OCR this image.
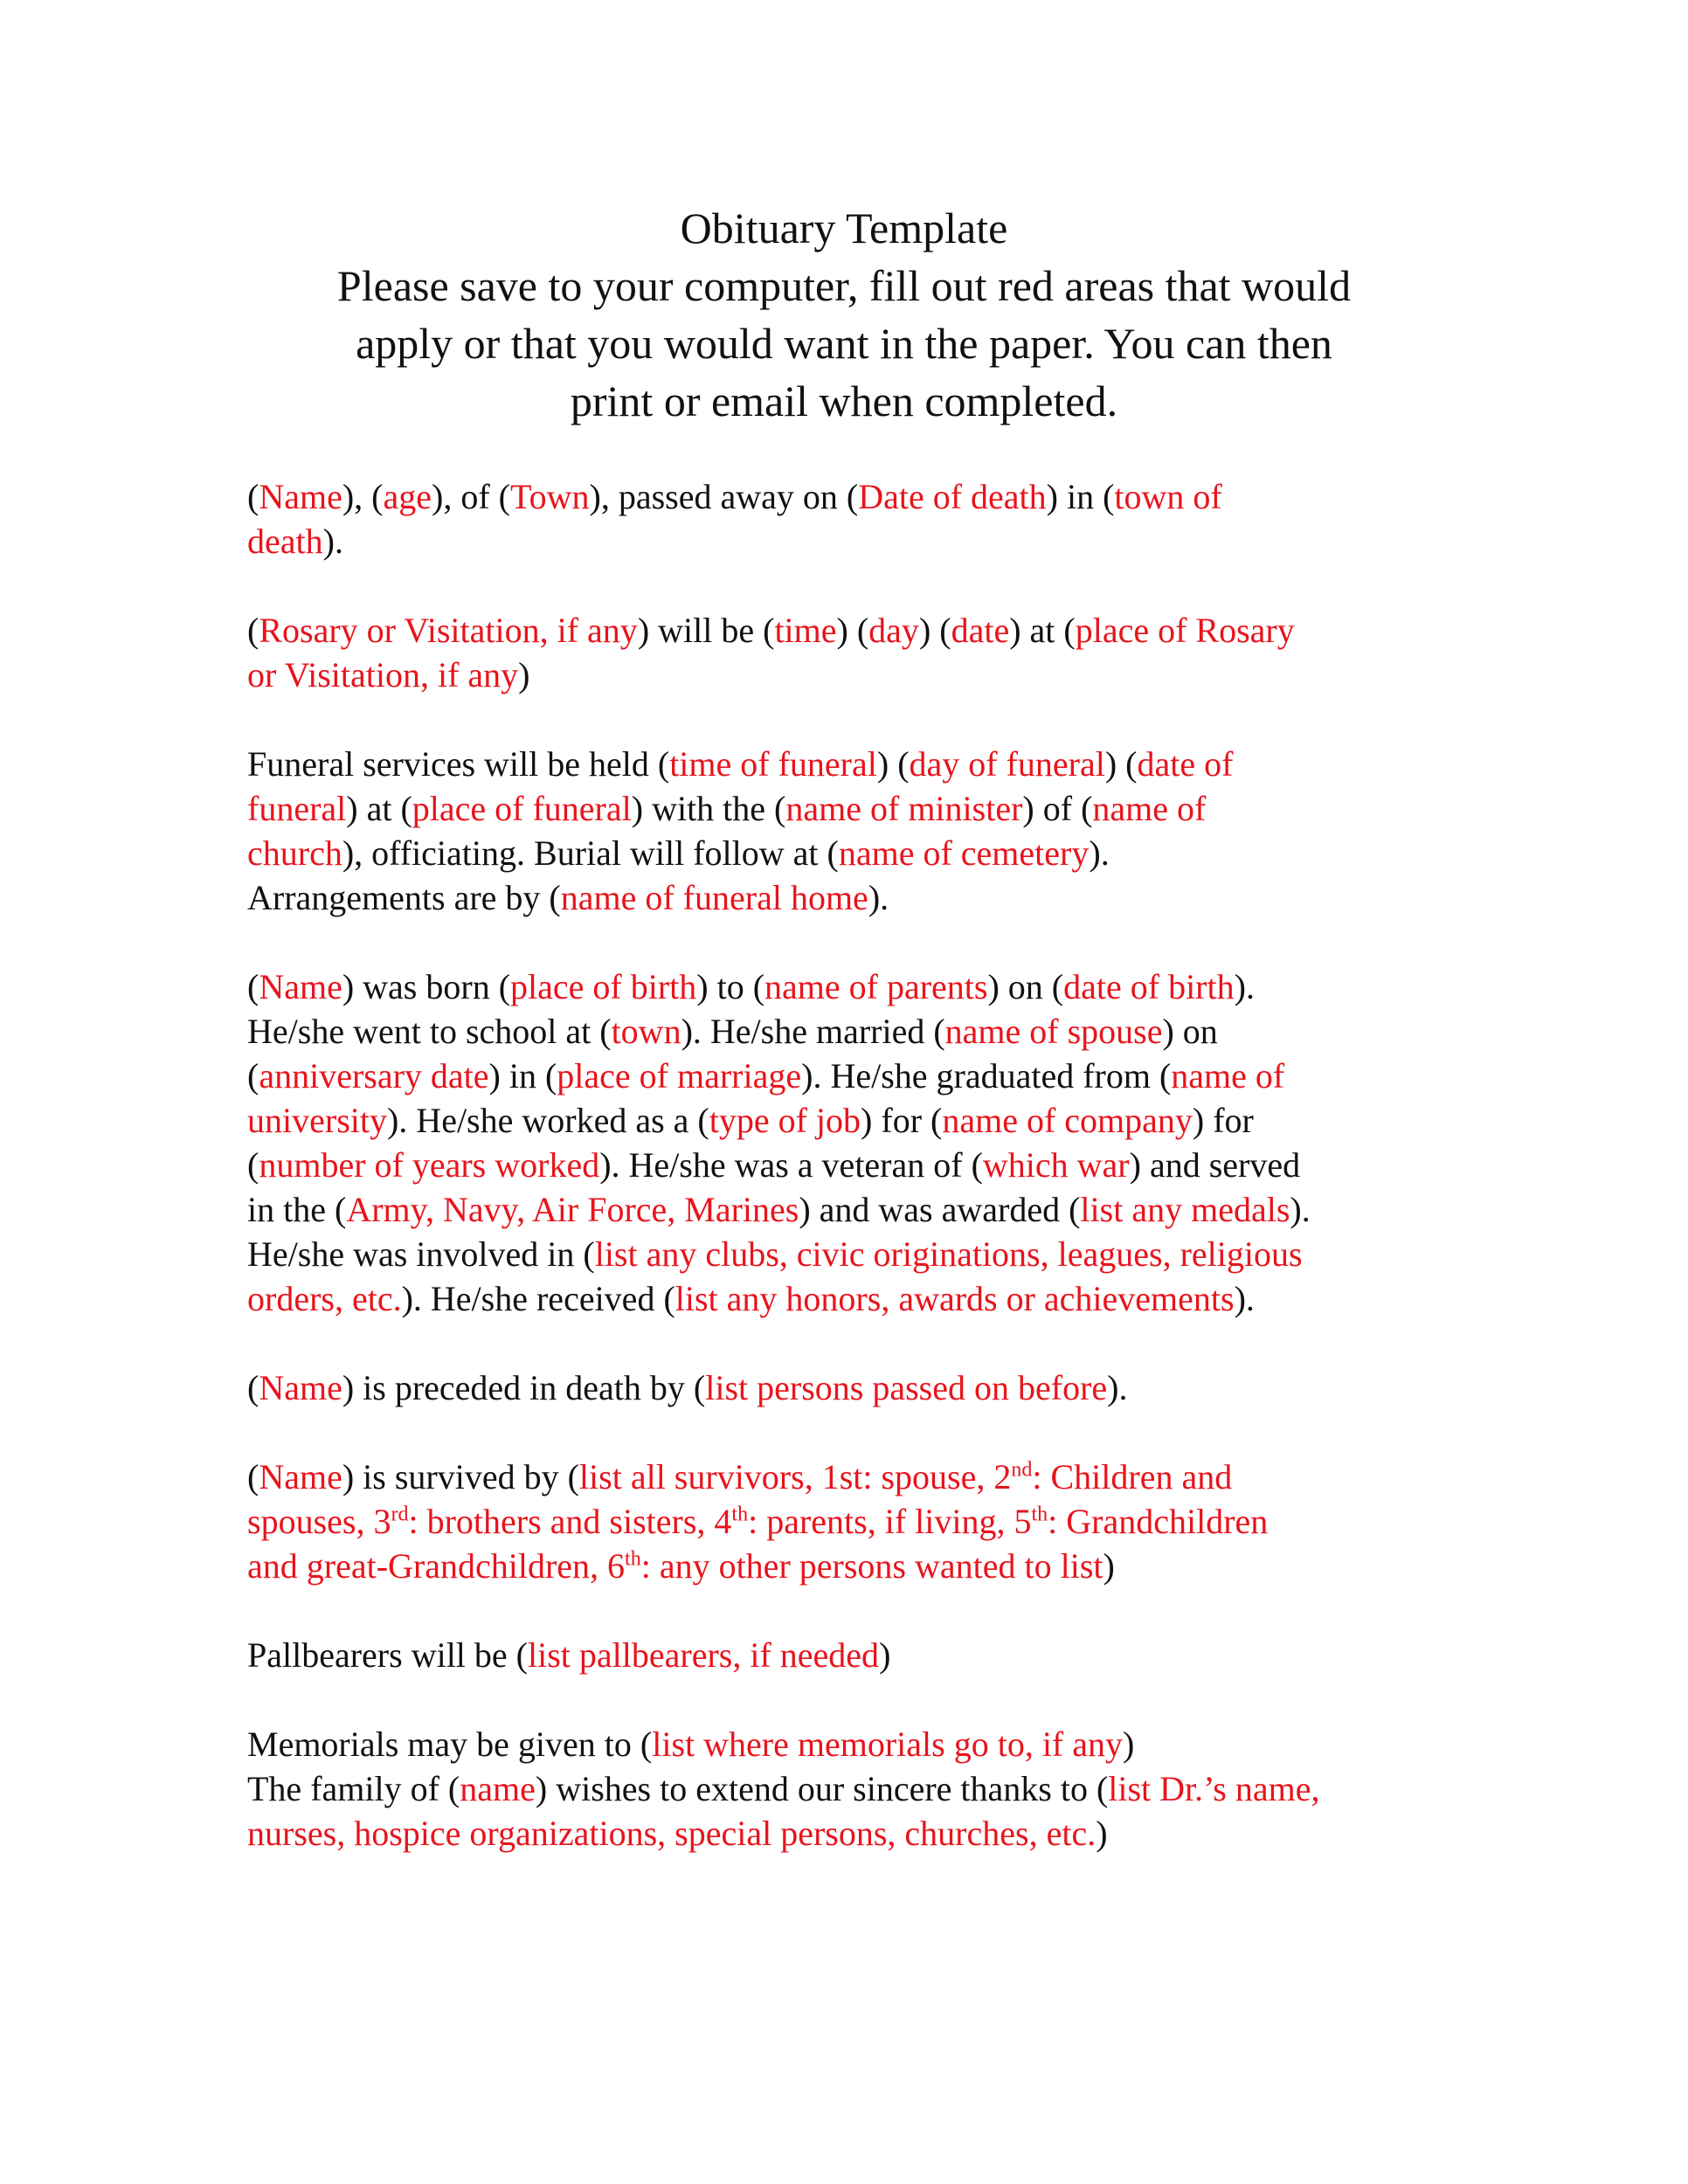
Obituary Template
Please save to your computer, fill out red areas that would
apply or that you would want in the paper. You can then
print or email when completed.
(Name), (age), of (Town), passed away on (Date of death) in (town of
death).
(Rosary or Visitation, if any) will be (time) (day) (date) at (place of Rosary
or Visitation, if any)
Funeral services will be held (time of funeral) (day of funeral) (date of
funeral) at (place of funeral) with the (name of minister) of (name of
church), officiating. Burial will follow at (name of cemetery).
Arrangements are by (name of funeral home).
(Name) was born (place of birth) to (name of parents) on (date of birth).
He/she went to school at (town). He/she married (name of spouse) on
(anniversary date) in (place of marriage). He/she graduated from (name of
university). He/she worked as a (type of job) for (name of company) for
(number of years worked). He/she was a veteran of (which war) and served
in the (Army, Navy, Air Force, Marines) and was awarded (list any medals).
He/she was involved in (list any clubs, civic originations, leagues, religious
orders, etc.). He/she received (list any honors, awards or achievements).
(Name) is preceded in death by (list persons passed on before).
(Name) is survived by (list all survivors, 1st: spouse, 2nd: Children and
spouses, 3rd: brothers and sisters, 4th: parents, if living, 5th: Grandchildren
and great-Grandchildren, 6th: any other persons wanted to list)
Pallbearers will be (list pallbearers, if needed)
Memorials may be given to (list where memorials go to, if any)
The family of (name) wishes to extend our sincere thanks to (list Dr.’s name,
nurses, hospice organizations, special persons, churches, etc.)
